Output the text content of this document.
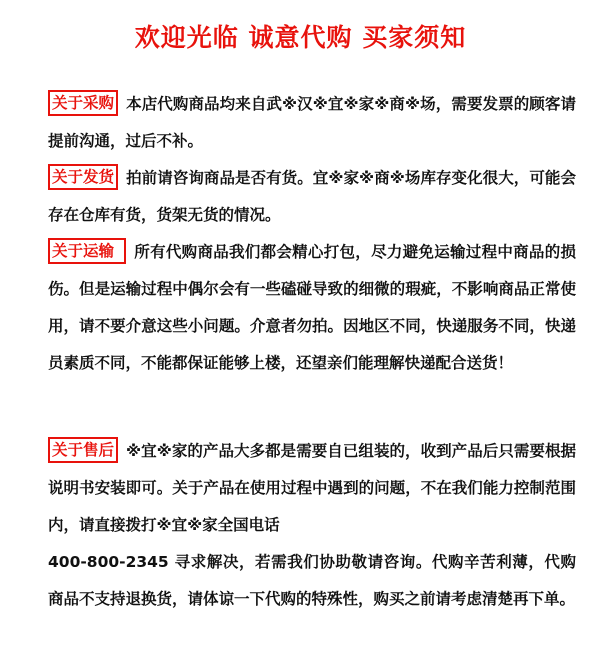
欢迎光临 诚意代购 买家须知
关于采购 本店代购商品均来自武※汉※宜※家※商※场，需要发票的顾客请提前沟通，过后不补。
关于发货 拍前请咨询商品是否有货。宜※家※商※场库存变化很大，可能会存在仓库有货，货架无货的情况。
关于运输 所有代购商品我们都会精心打包，尽力避免运输过程中商品的损伤。但是运输过程中偶尔会有一些磕碰导致的细微的瑕疵，不影响商品正常使用，请不要介意这些小问题。介意者勿拍。因地区不同，快递服务不同，快递员素质不同，不能都保证能够上楼，还望亲们能理解快递配合送货！
关于售后 ※宜※家的产品大多都是需要自已组装的，收到产品后只需要根据说明书安装即可。关于产品在使用过程中遇到的问题，不在我们能力控制范围内，请直接拨打※宜※家全国电话
400-800-2345 寻求解决，若需我们协助敬请咨询。代购辛苦利薄，代购商品不支持退换货，请体谅一下代购的特殊性，购买之前请考虑清楚再下单。
